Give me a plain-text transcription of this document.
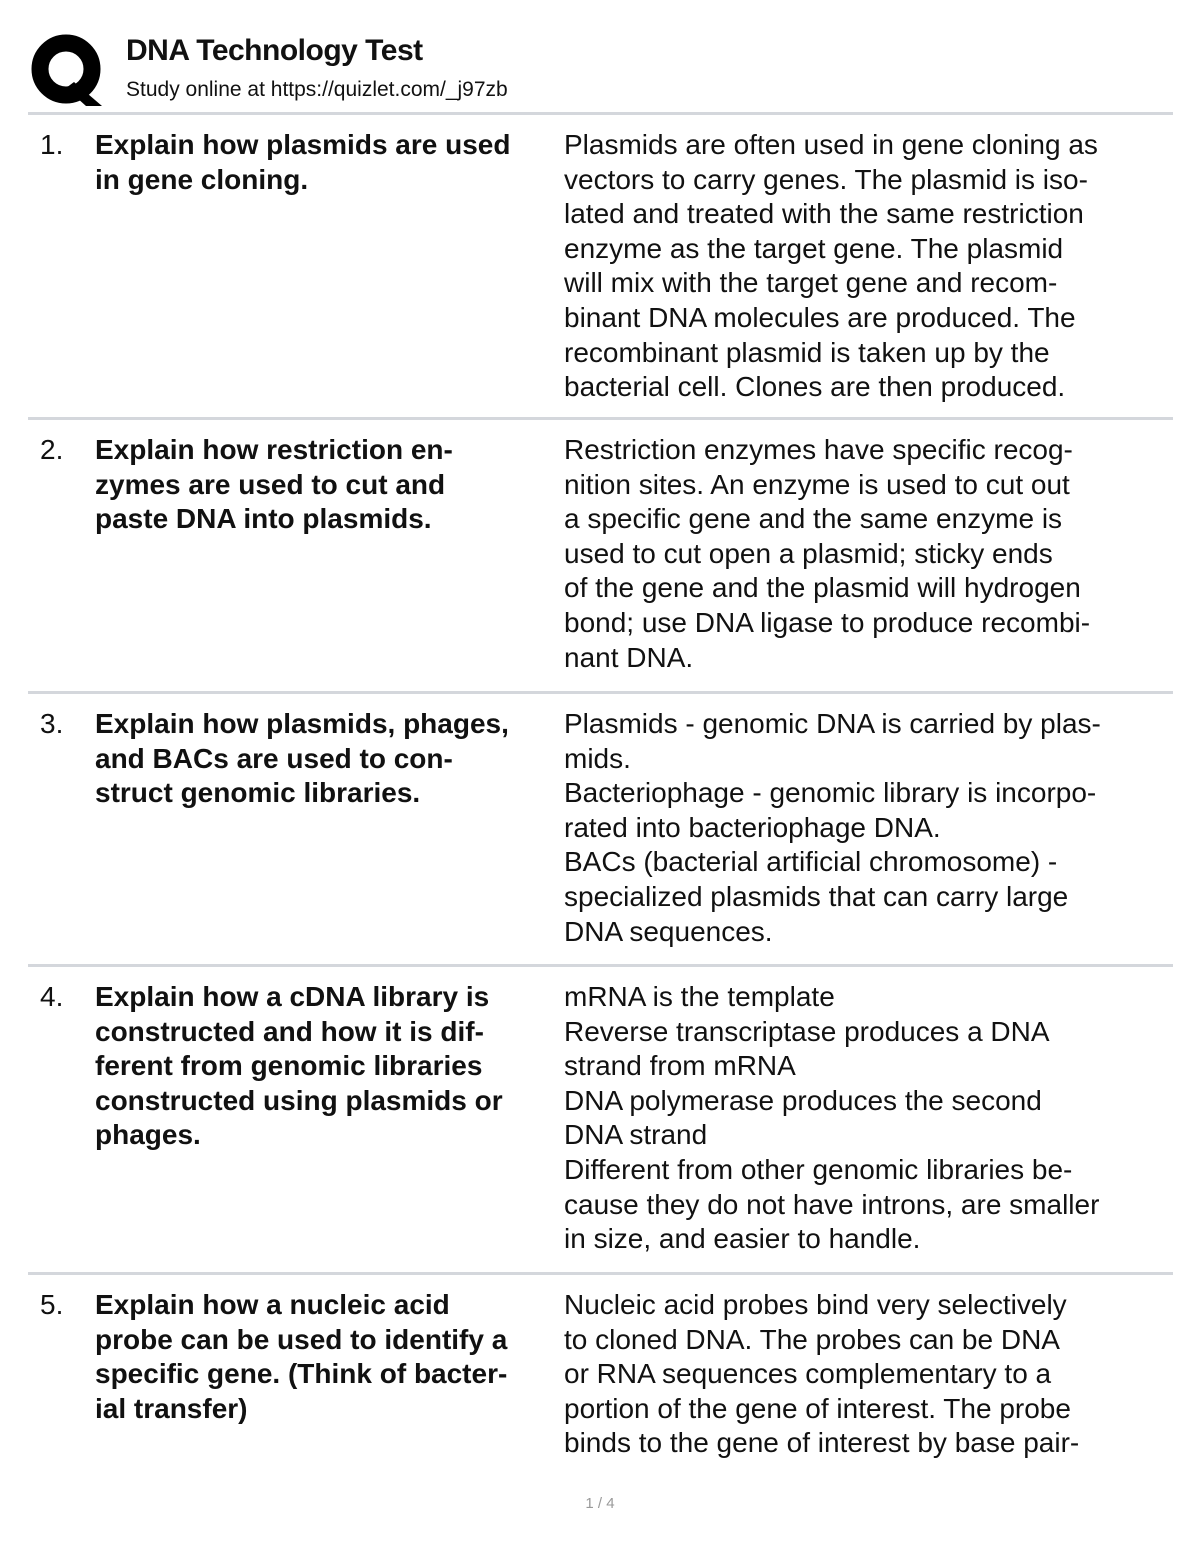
DNA Technology Test
Study online at https://quizlet.com/_j97zb
1. Explain how plasmids are used
in gene cloning.
Plasmids are often used in gene cloning as
vectors to carry genes. The plasmid is iso-
lated and treated with the same restriction
enzyme as the target gene. The plasmid
will mix with the target gene and recom-
binant DNA molecules are produced. The
recombinant plasmid is taken up by the
bacterial cell. Clones are then produced.
2. Explain how restriction en-
zymes are used to cut and
paste DNA into plasmids.
Restriction enzymes have specific recog-
nition sites. An enzyme is used to cut out
a specific gene and the same enzyme is
used to cut open a plasmid; sticky ends
of the gene and the plasmid will hydrogen
bond; use DNA ligase to produce recombi-
nant DNA.
3. Explain how plasmids, phages,
and BACs are used to con-
struct genomic libraries.
Plasmids - genomic DNA is carried by plas-
mids.
Bacteriophage - genomic library is incorpo-
rated into bacteriophage DNA.
BACs (bacterial artificial chromosome) -
specialized plasmids that can carry large
DNA sequences.
4. Explain how a cDNA library is
constructed and how it is dif-
ferent from genomic libraries
constructed using plasmids or
phages.
mRNA is the template
Reverse transcriptase produces a DNA
strand from mRNA
DNA polymerase produces the second
DNA strand
Different from other genomic libraries be-
cause they do not have introns, are smaller
in size, and easier to handle.
5. Explain how a nucleic acid
probe can be used to identify a
specific gene. (Think of bacter-
ial transfer)
Nucleic acid probes bind very selectively
to cloned DNA. The probes can be DNA
or RNA sequences complementary to a
portion of the gene of interest. The probe
binds to the gene of interest by base pair-
1 / 4
